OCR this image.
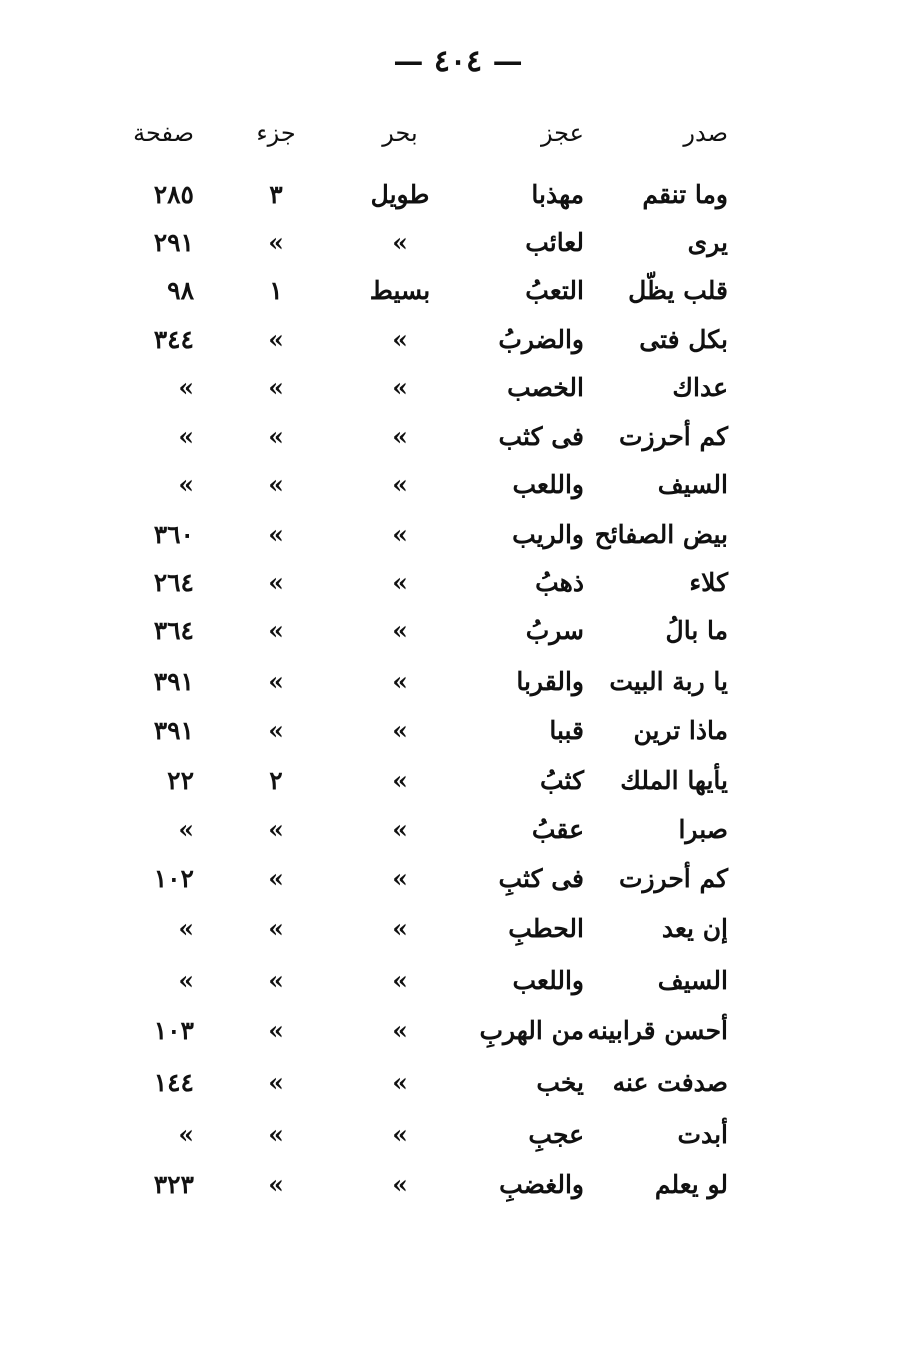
— ٤٠٤ —
صدر
عجز
بحر
جزء
صفحة
وما تنقم
مهذبا
طويل
٣
٢٨٥
يرى
لعائب
»
»
٢٩١
قلب يظّل
التعبُ
بسيط
١
٩٨
بكل فتى
والضربُ
»
»
٣٤٤
عداك
الخصب
»
»
»
كم أحرزت
فى كثب
»
»
»
السيف
واللعب
»
»
»
بيض الصفائح
والريب
»
»
٣٦٠
كلاء
ذهبُ
»
»
٢٦٤
ما بالُ
سربُ
»
»
٣٦٤
يا ربة البيت
والقربا
»
»
٣٩١
ماذا ترين
قببا
»
»
٣٩١
يأيها الملك
كثبُ
»
٢
٢٢
صبرا
عقبُ
»
»
»
كم أحرزت
فى كثبِ
»
»
١٠٢
إن يعد
الحطبِ
»
»
»
السيف
واللعب
»
»
»
أحسن قرابينه
من الهربِ
»
»
١٠٣
صدفت عنه
يخب
»
»
١٤٤
أبدت
عجبِ
»
»
»
لو يعلم
والغضبِ
»
»
٣٢٣
